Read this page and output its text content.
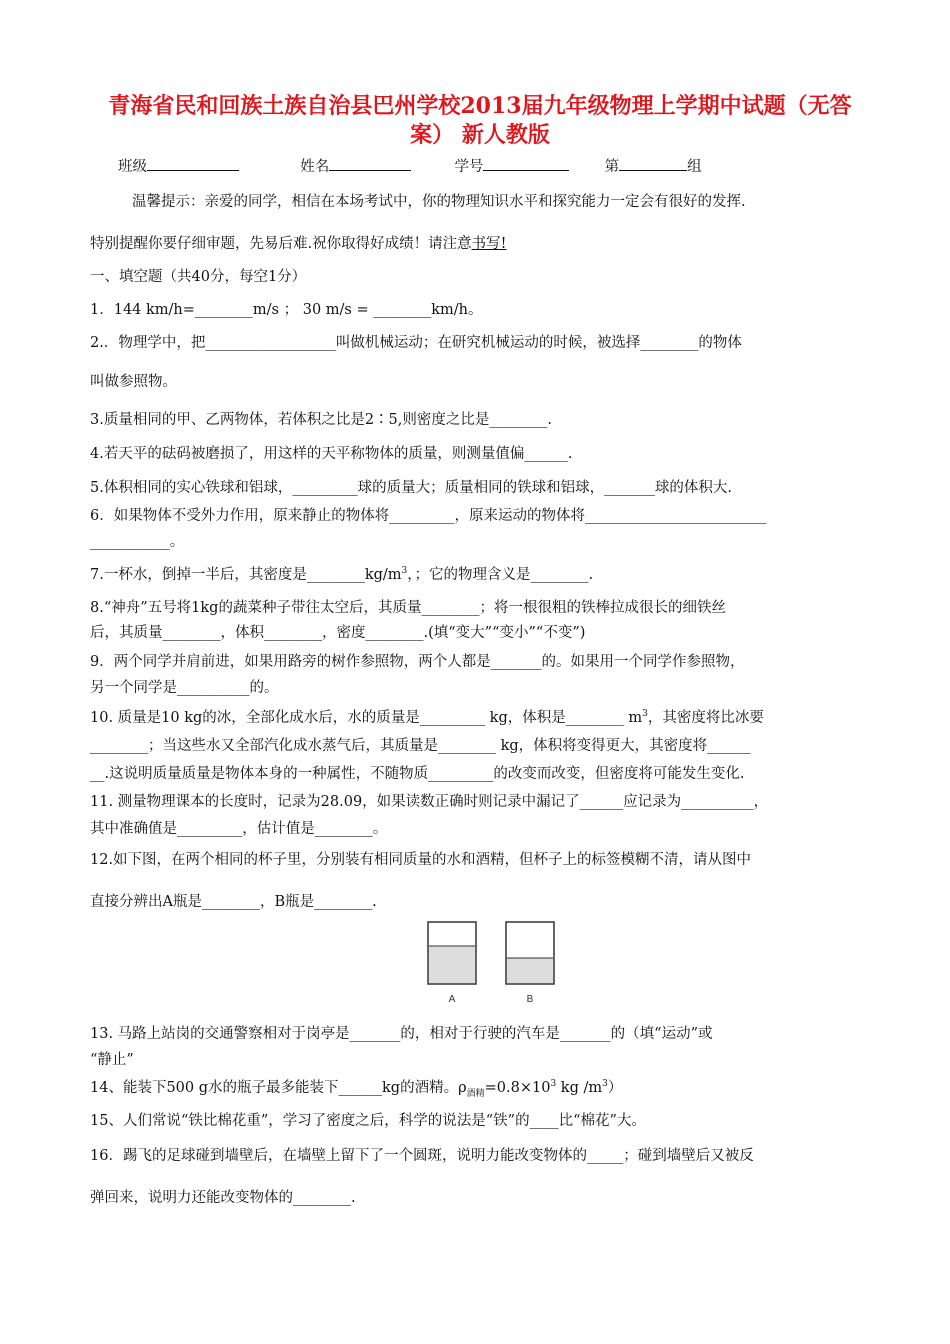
青海省民和回族土族自治县巴州学校2013届九年级物理上学期中试题（无答案） 新人教版
班级	姓名	学号	第	组
温馨提示：亲爱的同学，相信在本场考试中，你的物理知识水平和探究能力一定会有很好的发挥.
特别提醒你要仔细审题，先易后难.祝你取得好成绩！请注意书写!
一、填空题（共40分，每空1分）
1．144 km/h=________m/s ； 30 m/s = ________km/h。
2.．物理学中，把__________________叫做机械运动；在研究机械运动的时候，被选择________的物体
叫做参照物。
3.质量相同的甲、乙两物体，若体积之比是2∶5,则密度之比是________.
4.若天平的砝码被磨损了，用这样的天平称物体的质量，则测量值偏______.
5.体积相同的实心铁球和铝球，_________球的质量大；质量相同的铁球和铝球，_______球的体积大.
6．如果物体不受外力作用，原来静止的物体将_________，原来运动的物体将_________________________
___________。
7.一杯水，倒掉一半后，其密度是$\_\_\_\_\_\_\_\_kg/m^3$，；它的物理含义是________.
8.“神舟”五号将1kg的蔬菜种子带往太空后，其质量________；将一根很粗的铁棒拉成很长的细铁丝
后，其质量________，体积________，密度________.(填“变大”“变小”“不变”)
9．两个同学并肩前进，如果用路旁的树作参照物，两个人都是_______的。如果用一个同学作参照物，
另一个同学是__________的。
10. 质量是10 kg的冰，全部化成水后，水的质量是_________ kg，体积是________ $m^3$，其密度将比冰要
________；当这些水又全部汽化成水蒸气后，其质量是________ kg，体积将变得更大，其密度将______
__.这说明质量质量是物体本身的一种属性，不随物质_________的改变而改变，但密度将可能发生变化.
11. 测量物理课本的长度时，记录为28.09，如果读数正确时则记录中漏记了______应记录为__________，
其中准确值是_________，估计值是________。
12.如下图，在两个相同的杯子里，分别装有相同质量的水和酒精，但杯子上的标签模糊不清，请从图中
直接分辨出A瓶是________，B瓶是________.
A	B
13. 马路上站岗的交通警察相对于岗亭是_______的，相对于行驶的汽车是_______的（填“运动”或
“静止”
14、能装下500 g水的瓶子最多能装下______kg的酒精。$\rho_{酒精}=0.8\times 10^3$ kg $/m^3$）
15、人们常说“铁比棉花重”，学习了密度之后，科学的说法是“铁”的____比“棉花”大。
16．踢飞的足球碰到墙壁后，在墙壁上留下了一个圆斑，说明力能改变物体的_____；碰到墙壁后又被反
弹回来，说明力还能改变物体的________.
